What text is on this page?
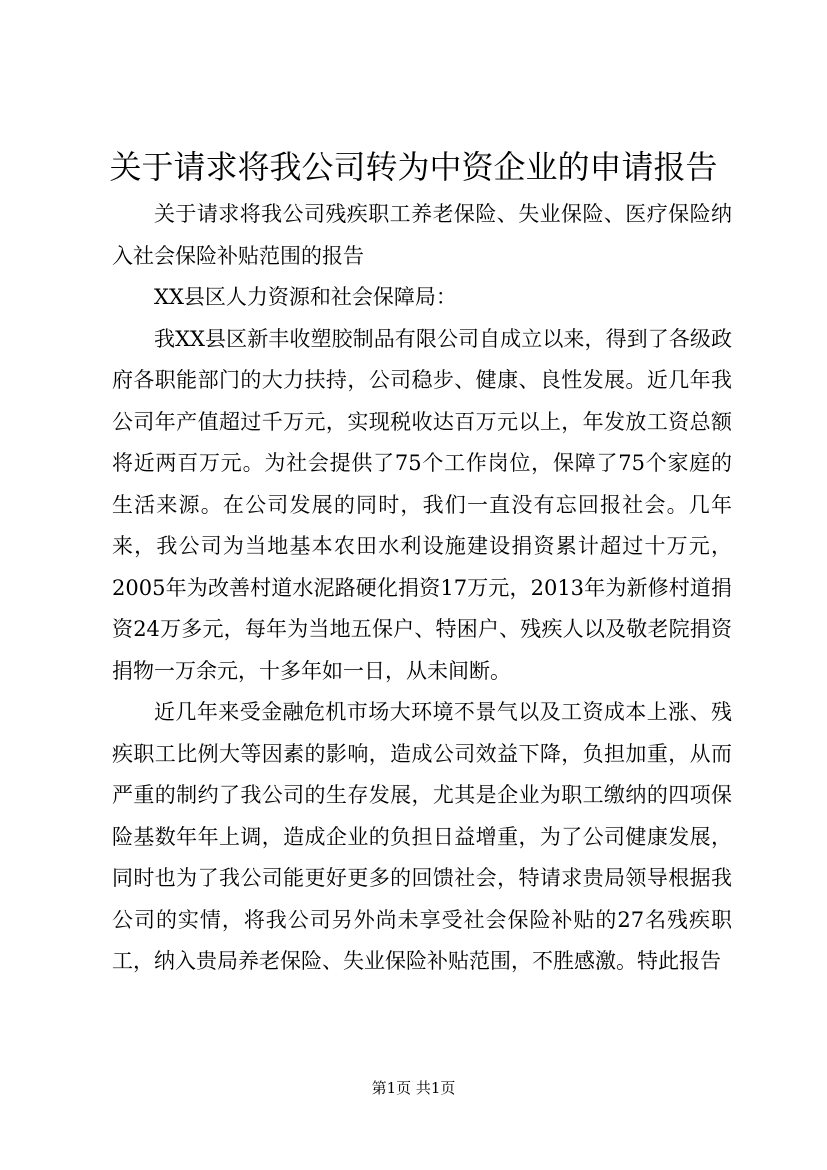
关于请求将我公司转为中资企业的申请报告

关于请求将我公司残疾职工养老保险、失业保险、医疗保险纳入社会保险补贴范围的报告

XX县区人力资源和社会保障局：

我XX县区新丰收塑胶制品有限公司自成立以来，得到了各级政府各职能部门的大力扶持，公司稳步、健康、良性发展。近几年我公司年产值超过千万元，实现税收达百万元以上，年发放工资总额将近两百万元。为社会提供了75个工作岗位，保障了75个家庭的生活来源。在公司发展的同时，我们一直没有忘回报社会。几年来，我公司为当地基本农田水利设施建设捐资累计超过十万元，2005年为改善村道水泥路硬化捐资17万元，2013年为新修村道捐资24万多元，每年为当地五保户、特困户、残疾人以及敬老院捐资捐物一万余元，十多年如一日，从未间断。

近几年来受金融危机市场大环境不景气以及工资成本上涨、残疾职工比例大等因素的影响，造成公司效益下降，负担加重，从而严重的制约了我公司的生存发展，尤其是企业为职工缴纳的四项保险基数年年上调，造成企业的负担日益增重，为了公司健康发展，同时也为了我公司能更好更多的回馈社会，特请求贵局领导根据我公司的实情，将我公司另外尚未享受社会保险补贴的27名残疾职工，纳入贵局养老保险、失业保险补贴范围，不胜感激。特此报告

第1页 共1页
